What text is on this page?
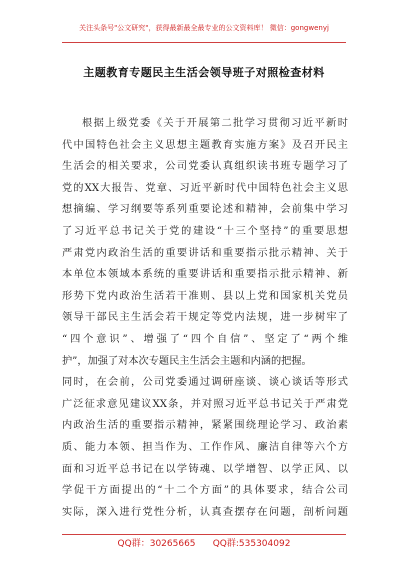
关注头条号"公文研究"，获得最新最全最专业的公文资料库！ 微信：gongwenyj
主题教育专题民主生活会领导班子对照检查材料
根据上级党委《关于开展第二批学习贯彻习近平新时
代中国特色社会主义思想主题教育实施方案》及召开民主
生活会的相关要求，公司党委认真组织读书班专题学习了
党的XX大报告、党章、习近平新时代中国特色社会主义思
想摘编、学习纲要等系列重要论述和精神，会前集中学习
了习近平总书记关于党的建设“十三个坚持”的重要思想
严肃党内政治生活的重要讲话和重要指示批示精神、关于
本单位本领域本系统的重要讲话和重要指示批示精神、新
形势下党内政治生活若干准则、县以上党和国家机关党员
领导干部民主生活会若干规定等党内法规，进一步树牢了
“四个意识”、增强了“四个自信”、坚定了“两个维
护”，加强了对本次专题民主生活会主题和内涵的把握。
同时，在会前，公司党委通过调研座谈、谈心谈话等形式
广泛征求意见建议XX条，并对照习近平总书记关于严肃党
内政治生活的重要指示精神，紧紧围绕理论学习、政治素
质、能力本领、担当作为、工作作风、廉洁自律等六个方
面和习近平总书记在以学铸魂、以学增智、以学正风、以
学促干方面提出的“十二个方面”的具体要求，结合公司
实际，深入进行党性分析，认真查摆存在问题，剖析问题
QQ群：30265665      QQ群:535304092
